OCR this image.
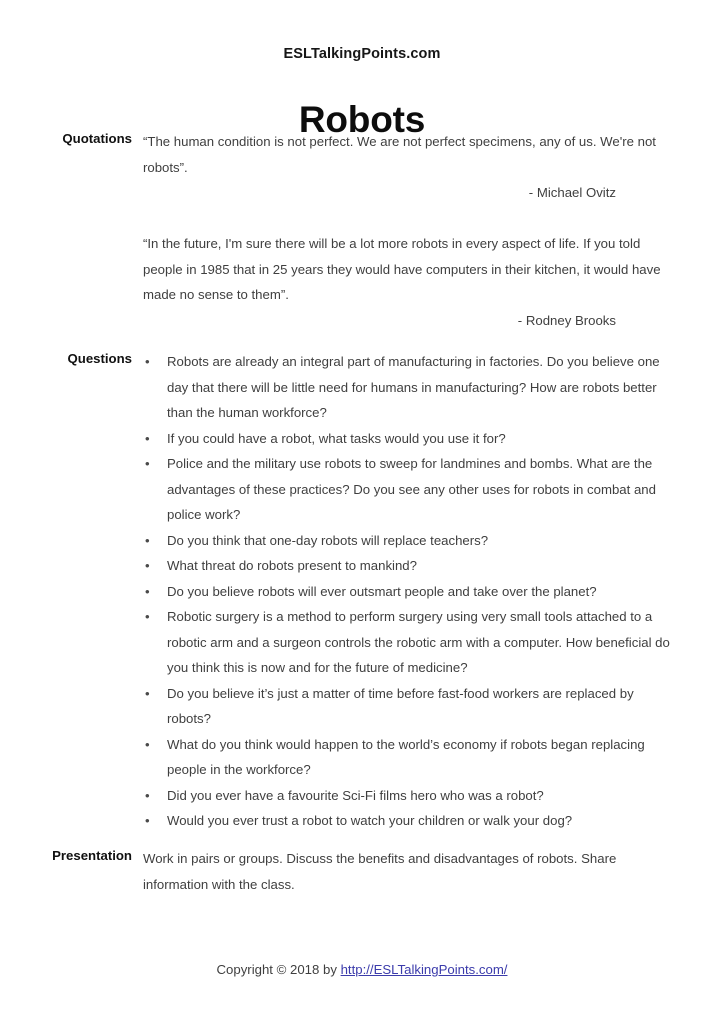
ESLTalkingPoints.com
Robots
Quotations “The human condition is not perfect. We are not perfect specimens, any of us. We're not robots”.

- Michael Ovitz

“In the future, I'm sure there will be a lot more robots in every aspect of life. If you told people in 1985 that in 25 years they would have computers in their kitchen, it would have made no sense to them”.

- Rodney Brooks

Questions • Robots are already an integral part of manufacturing in factories. Do you believe one day that there will be little need for humans in manufacturing? How are robots better than the human workforce?
• If you could have a robot, what tasks would you use it for?
• Police and the military use robots to sweep for landmines and bombs. What are the advantages of these practices? Do you see any other uses for robots in combat and police work?
• Do you think that one-day robots will replace teachers?
• What threat do robots present to mankind?
• Do you believe robots will ever outsmart people and take over the planet?
• Robotic surgery is a method to perform surgery using very small tools attached to a robotic arm and a surgeon controls the robotic arm with a computer. How beneficial do you think this is now and for the future of medicine?
• Do you believe it’s just a matter of time before fast-food workers are replaced by robots?
• What do you think would happen to the world’s economy if robots began replacing people in the workforce?
• Did you ever have a favourite Sci-Fi films hero who was a robot?
• Would you ever trust a robot to watch your children or walk your dog?
Presentation Work in pairs or groups. Discuss the benefits and disadvantages of robots. Share information with the class.

Copyright © 2018 by http://ESLTalkingPoints.com/
